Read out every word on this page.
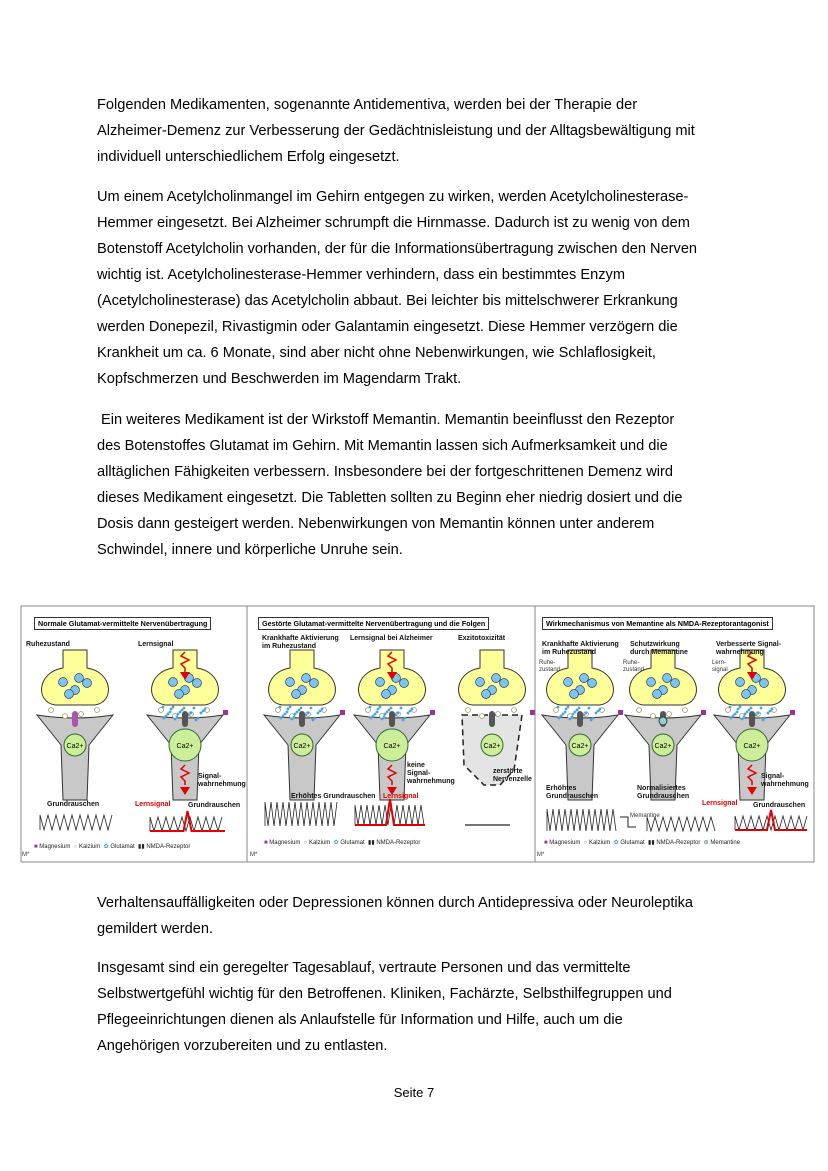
Folgenden Medikamenten, sogenannte Antidementiva, werden bei der Therapie der
Alzheimer-Demenz zur Verbesserung der Gedächtnisleistung und der Alltagsbewältigung mit
individuell unterschiedlichem Erfolg eingesetzt.
Um einem Acetylcholinmangel im Gehirn entgegen zu wirken, werden Acetylcholinesterase-
Hemmer eingesetzt. Bei Alzheimer schrumpft die Hirnmasse. Dadurch ist zu wenig von dem
Botenstoff Acetylcholin vorhanden, der für die Informationsübertragung zwischen den Nerven
wichtig ist. Acetylcholinesterase-Hemmer verhindern, dass ein bestimmtes Enzym
(Acetylcholinesterase) das Acetylcholin abbaut. Bei leichter bis mittelschwerer Erkrankung
werden Donepezil, Rivastigmin oder Galantamin eingesetzt. Diese Hemmer verzögern die
Krankheit um ca. 6 Monate, sind aber nicht ohne Nebenwirkungen, wie Schlaflosigkeit,
Kopfschmerzen und Beschwerden im Magendarm Trakt.
Ein weiteres Medikament ist der Wirkstoff Memantin. Memantin beeinflusst den Rezeptor
des Botenstoffes Glutamat im Gehirn. Mit Memantin lassen sich Aufmerksamkeit und die
alltäglichen Fähigkeiten verbessern. Insbesondere bei der fortgeschrittenen Demenz wird
dieses Medikament eingesetzt. Die Tabletten sollten zu Beginn eher niedrig dosiert und die
Dosis dann gesteigert werden. Nebenwirkungen von Memantin können unter anderem
Schwindel, innere und körperliche Unruhe sein.
Ca2+	Ca2+	Ca2+	Ca2+	Ca2+	Ca2+	Ca2+	Ca2+
Normale Glutamat-vermittelte Nervenübertragung
Ruhezustand	Lernsignal
Signal-
wahrnehmung
Grundrauschen	Lernsignal	Grundrauschen
M*
Gestörte Glutamat-vermittelte Nervenübertragung und die Folgen
Krankhafte Aktivierung
im Ruhezustand
Lernsignal bei Alzheimer	Exzitotoxizität
keine
Signal-
wahrnehmung
zerstörte
Nervenzelle
Erhöhtes Grundrauschen Lernsignal
M*
Wirkmechanismus von Memantine als NMDA-Rezeptorantagonist
Krankhafte Aktivierung
im Ruhezustand
Schutzwirkung
durch Memantine
Verbesserte Signal-
wahrnehmung
Ruhe-
zustand
Ruhe-
zustand
Lern-
signal
Signal-
wahrnehmung
Erhöhtes
Grundrauschen
Normalisiertes
Grundrauschen
Memantine
Lernsignal Grundrauschen
M*
■ Magnesium ○ Kalzium ✿ Glutamat ▮▮ NMDA-Rezeptor
■ Magnesium ○ Kalzium ✿ Glutamat ▮▮ NMDA-Rezeptor	■ Magnesium ○ Kalzium ✿ Glutamat ▮▮ NMDA-Rezeptor ⊜ Memantine
Verhaltensauffälligkeiten oder Depressionen können durch Antidepressiva oder Neuroleptika
gemildert werden.
Insgesamt sind ein geregelter Tagesablauf, vertraute Personen und das vermittelte
Selbstwertgefühl wichtig für den Betroffenen. Kliniken, Fachärzte, Selbsthilfegruppen und
Pflegeeinrichtungen dienen als Anlaufstelle für Information und Hilfe, auch um die
Angehörigen vorzubereiten und zu entlasten.
Seite 7
